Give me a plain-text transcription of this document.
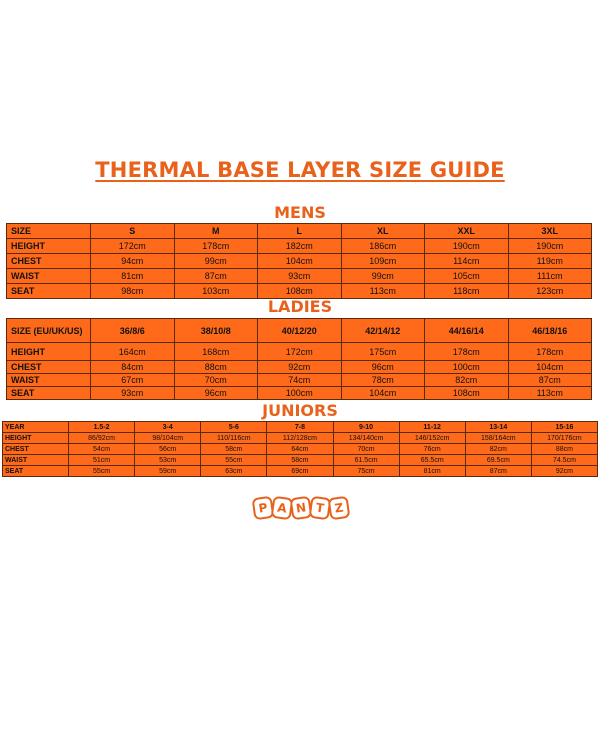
THERMAL BASE LAYER SIZE GUIDE
MENS
SIZE	S	M	L	XL	XXL	3XL
HEIGHT	172cm	178cm	182cm	186cm	190cm	190cm
CHEST	94cm	99cm	104cm	109cm	114cm	119cm
WAIST	81cm	87cm	93cm	99cm	105cm	111cm
SEAT	98cm	103cm	108cm	113cm	118cm	123cm
LADIES
SIZE (EU/UK/US)	36/8/6	38/10/8	40/12/20	42/14/12	44/16/14	46/18/16
HEIGHT	164cm	168cm	172cm	175cm	178cm	178cm
CHEST	84cm	88cm	92cm	96cm	100cm	104cm
WAIST	67cm	70cm	74cm	78cm	82cm	87cm
SEAT	93cm	96cm	100cm	104cm	108cm	113cm
JUNIORS
YEAR	1.5-2	3-4	5-6	7-8	9-10	11-12	13-14	15-16
HEIGHT	86/92cm	98/104cm	110/116cm	112/128cm	134/140cm	146/152cm	158/164cm	170/176cm
CHEST	54cm	56cm	58cm	64cm	70cm	76cm	82cm	88cm
WAIST	51cm	53cm	55cm	58cm	61.5cm	65.5cm	69.5cm	74.5cm
SEAT	55cm	59cm	63cm	69cm	75cm	81cm	87cm	92cm
P A N T Z
